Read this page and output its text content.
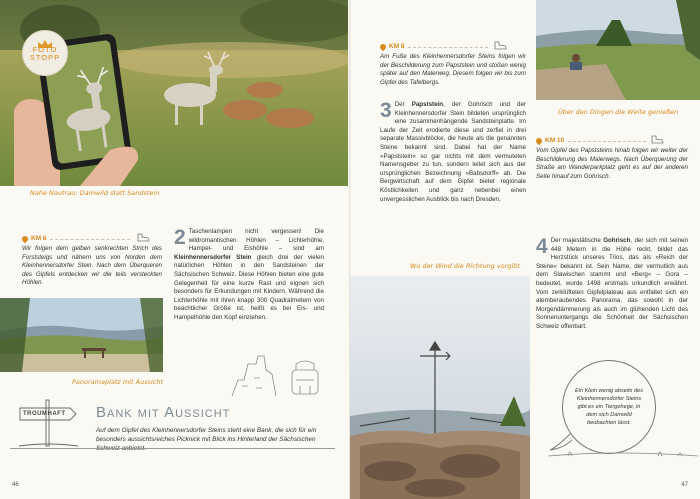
FOTO
STOPP
Nahe Nautrau: Damwild statt Sandstein
KM 6
Wir folgen dem gelben senkrechten Strich des Forststeigs und nähern uns von Norden dem Kleinhennersdorfer Stein. Nach dem Überqueren des Gipfels entdecken wir die teils versteckten Höhlen.
Panoramaplatz mit Aussicht
2 Taschenlampen nicht vergessen! Die wildromantischen Höhlen – Lichterhöhle, Hampel- und Eishöhle – sind am Kleinhennersdorfer Stein gleich drei der vielen natürlichen Höhlen in den Sandsteinen der Sächsischen Schweiz. Diese Höhlen bieten eine gute Gelegenheit für eine kurze Rast und eignen sich besonders für Erkundungen mit Kindern. Während die Lichterhöhle mit ihren knapp 300 Quadratmetern von beachtlicher Größe ist, heißt es bei Eis- und Hampelhöhle den Kopf einziehen.
TROUMHAFT Bank mit Aussicht
Auf dem Gipfel des Kleinhennersdorfer Steins steht eine Bank, die sich für ein besonders aussichtsreiches Picknick mit Blick ins Hinterland der Sächsischen Schweiz anbietet.
46
KM 8
Am Fuße des Kleinhennersdorfer Steins folgen wir der Beschilderung zum Papststein und stoßen wenig später auf den Malerweg. Diesem folgen wir bis zum Gipfel des Tafelbergs.
Über den Dingen die Weite genießen
3 Der Papststein, der Gohrisch und der Kleinhennersdorfer Stein bildeten ursprünglich eine zusammenhängende Sandsteinplatte. Im Laufe der Zeit erodierte diese und zerfiel in drei separate Massivblöcke, die heute als die genannten Steine bekannt sind. Dabei hat der Name »Papststein« so gar nichts mit dem vermuteten Namensgeber zu tun, sondern leitet sich aus der ursprünglichen Bezeichnung »Babsdorff« ab. Die Bergwirtschaft auf dem Gipfel bietet regionale Köstlichkeiten und ganz nebenbei einen unvergesslichen Ausblick bis nach Dresden.
KM 10
Vom Gipfel des Papststeins hinab folgen wir weiter der Beschilderung des Malerwegs. Nach Überquerung der Straße am Wanderparkplatz geht es auf der anderen Seite hinauf zum Gohrisch.
Wo der Wind die Richtung vorgibt
4 Der majestätische Gohrisch, der sich mit seinen 448 Metern in die Höhe reckt, bildet das Herzstück unseres Trios, das als »Reich der Steine« bekannt ist. Sein Name, der vermutlich aus dem Slawischen stammt und »Berg« – Gora – bedeutet, wurde 1498 erstmals urkundlich erwähnt. Vom zerklüfteten Gipfelplateau aus entfaltet sich ein atemberaubendes Panorama, das sowohl in der Morgendämmerung als auch im glühenden Licht des Sonnenuntergangs die Schönheit der Sächsischen Schweiz offenbart.
Ein Klein wenig abseits des Kleinhennersdorfer Steins gibt es ein Tiergehege, in dem sich Damwild beobachten lässt.
47
